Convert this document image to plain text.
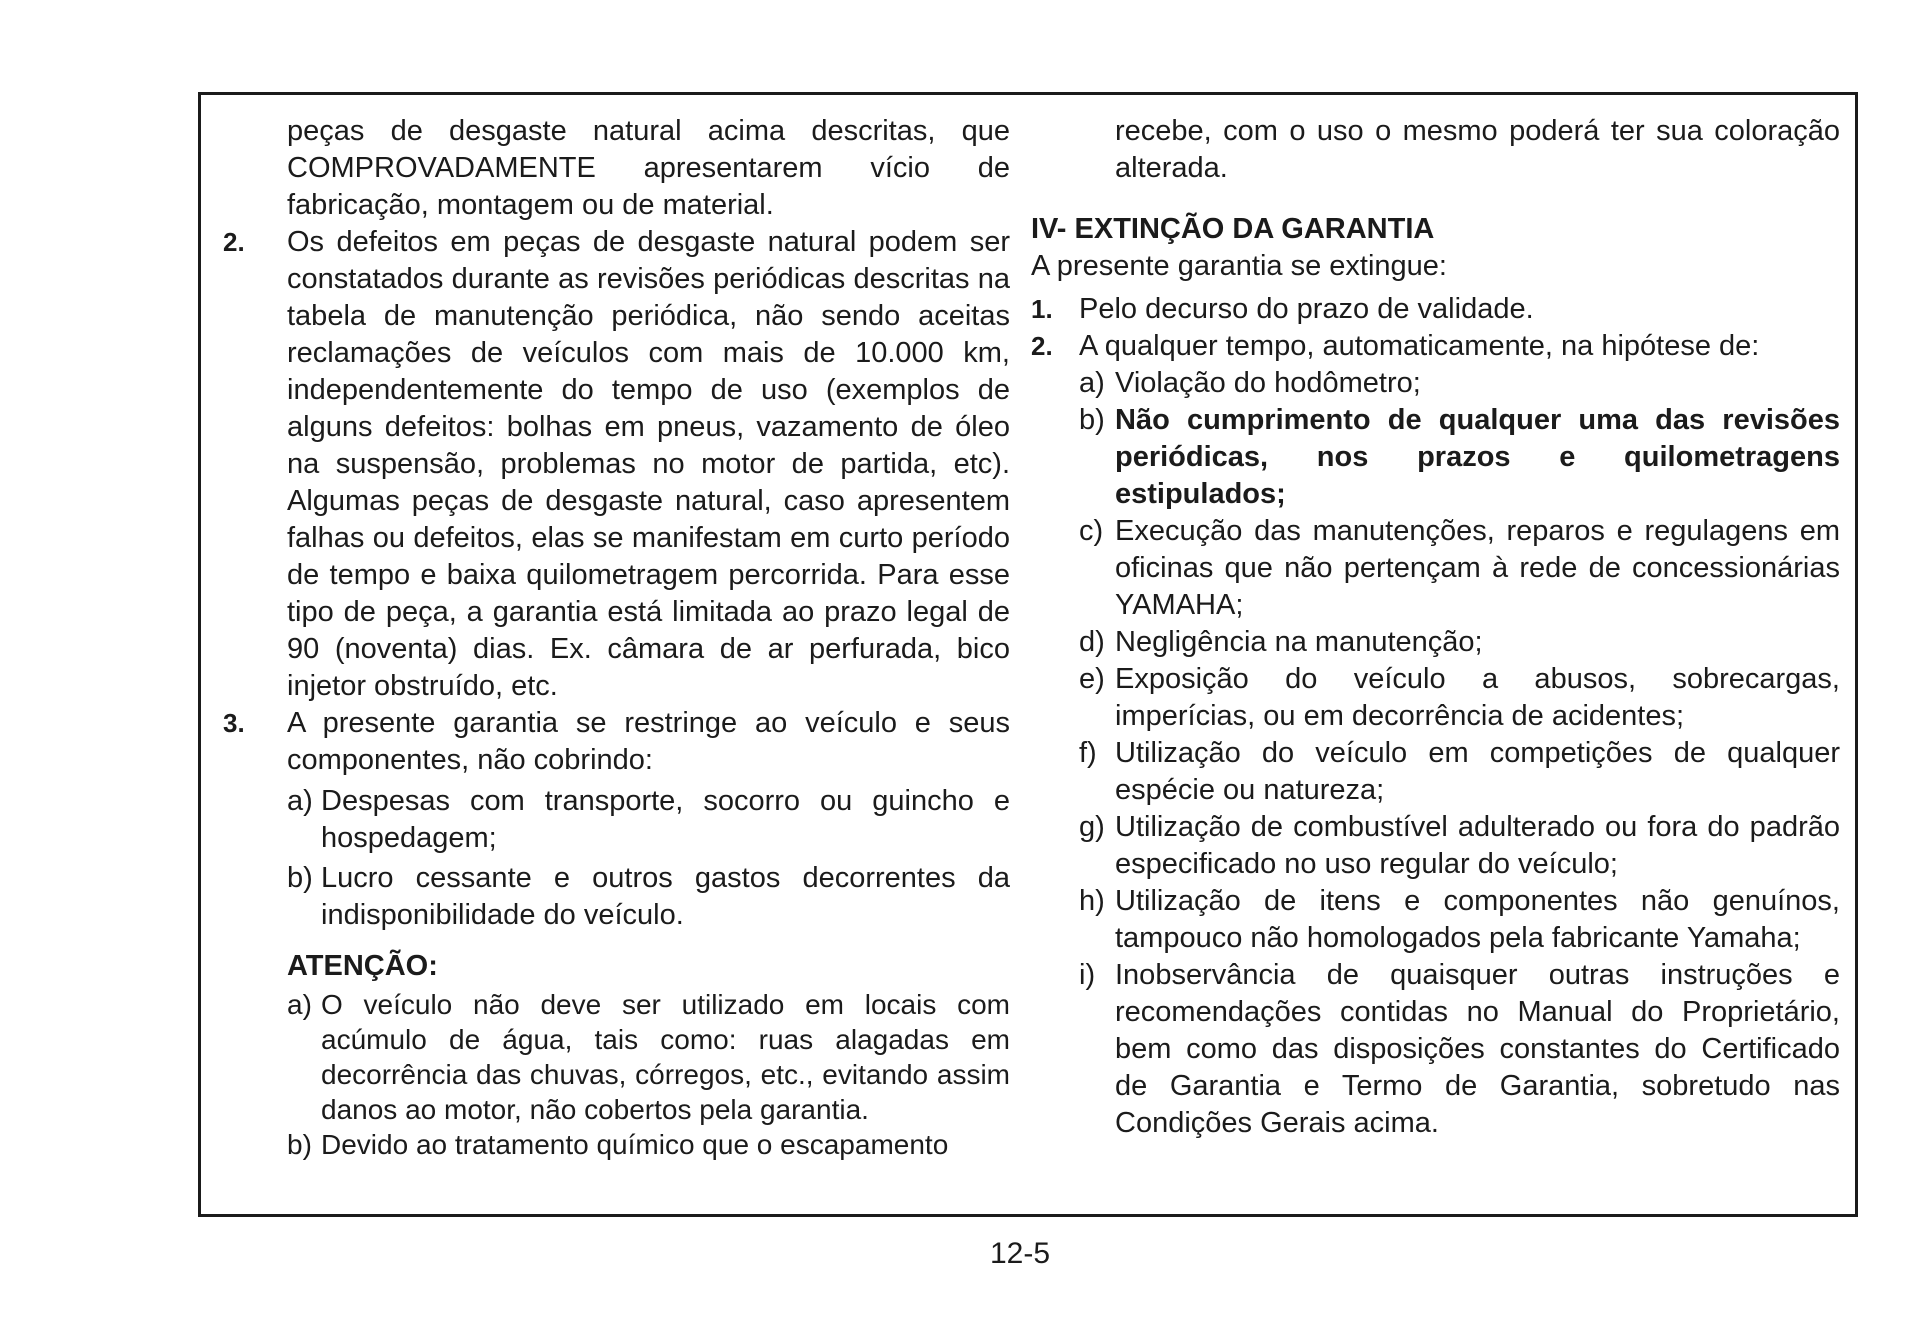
peças de desgaste natural acima descritas, que COMPROVADAMENTE apresentarem vício de fabricação, montagem ou de material.
2. Os defeitos em peças de desgaste natural podem ser constatados durante as revisões periódicas descritas na tabela de manutenção periódica, não sendo aceitas reclamações de veículos com mais de 10.000 km, independentemente do tempo de uso (exemplos de alguns defeitos: bolhas em pneus, vazamento de óleo na suspensão, problemas no motor de partida, etc). Algumas peças de desgaste natural, caso apresentem falhas ou defeitos, elas se manifestam em curto período de tempo e baixa quilometragem percorrida. Para esse tipo de peça, a garantia está limitada ao prazo legal de 90 (noventa) dias. Ex. câmara de ar perfurada, bico injetor obstruído, etc.
3. A presente garantia se restringe ao veículo e seus componentes, não cobrindo:
a) Despesas com transporte, socorro ou guincho e hospedagem;
b) Lucro cessante e outros gastos decorrentes da indisponibilidade do veículo.
ATENÇÃO:
a) O veículo não deve ser utilizado em locais com acúmulo de água, tais como: ruas alagadas em decorrência das chuvas, córregos, etc., evitando assim danos ao motor, não cobertos pela garantia.
b) Devido ao tratamento químico que o escapamento
recebe, com o uso o mesmo poderá ter sua coloração alterada.
IV- EXTINÇÃO DA GARANTIA
A presente garantia se extingue:
1. Pelo decurso do prazo de validade.
2. A qualquer tempo, automaticamente, na hipótese de:
a) Violação do hodômetro;
b) Não cumprimento de qualquer uma das revisões periódicas, nos prazos e quilometragens estipulados;
c) Execução das manutenções, reparos e regulagens em oficinas que não pertençam à rede de concessionárias YAMAHA;
d) Negligência na manutenção;
e) Exposição do veículo a abusos, sobrecargas, imperícias, ou em decorrência de acidentes;
f) Utilização do veículo em competições de qualquer espécie ou natureza;
g) Utilização de combustível adulterado ou fora do padrão especificado no uso regular do veículo;
h) Utilização de itens e componentes não genuínos, tampouco não homologados pela fabricante Yamaha;
i) Inobservância de quaisquer outras instruções e recomendações contidas no Manual do Proprietário, bem como das disposições constantes do Certificado de Garantia e Termo de Garantia, sobretudo nas Condições Gerais acima.
12-5
